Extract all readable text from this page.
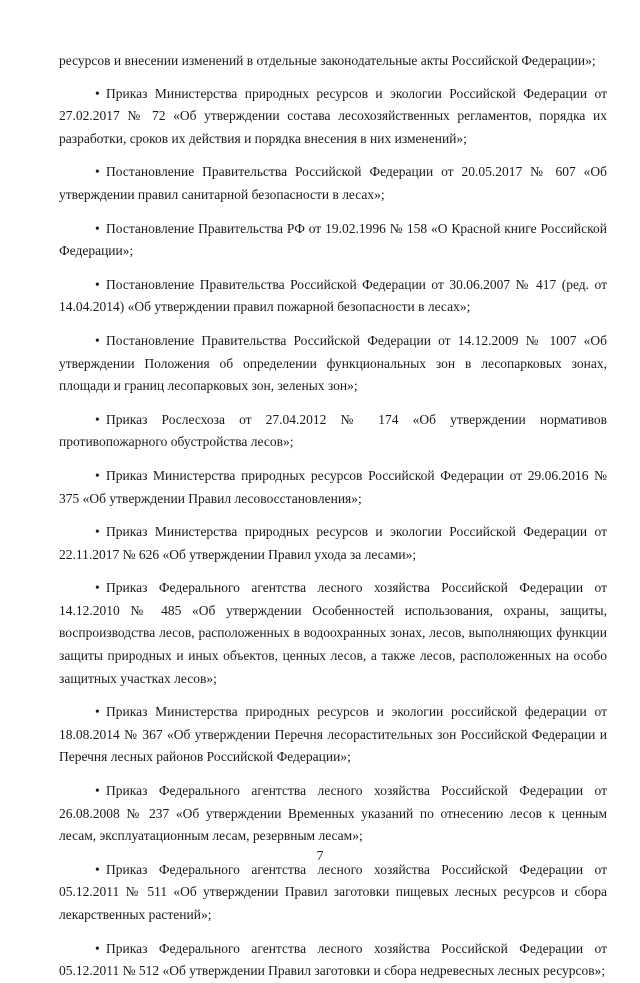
ресурсов и внесении изменений в отдельные законодательные акты Российской Федерации»;

• Приказ Министерства природных ресурсов и экологии Российской Федерации от 27.02.2017 № 72 «Об утверждении состава лесохозяйственных регламентов, порядка их разработки, сроков их действия и порядка внесения в них изменений»;

• Постановление Правительства Российской Федерации от 20.05.2017 № 607 «Об утверждении правил санитарной безопасности в лесах»;

• Постановление Правительства РФ от 19.02.1996 № 158 «О Красной книге Российской Федерации»;

• Постановление Правительства Российской Федерации от 30.06.2007 № 417 (ред. от 14.04.2014) «Об утверждении правил пожарной безопасности в лесах»;

• Постановление Правительства Российской Федерации от 14.12.2009 № 1007 «Об утверждении Положения об определении функциональных зон в лесопарковых зонах, площади и границ лесопарковых зон, зеленых зон»;

• Приказ Рослесхоза от 27.04.2012 № 174 «Об утверждении нормативов противопожарного обустройства лесов»;

• Приказ Министерства природных ресурсов Российской Федерации от 29.06.2016 № 375 «Об утверждении Правил лесовосстановления»;

• Приказ Министерства природных ресурсов и экологии Российской Федерации от 22.11.2017 № 626 «Об утверждении Правил ухода за лесами»;

• Приказ Федерального агентства лесного хозяйства Российской Федерации от 14.12.2010 № 485 «Об утверждении Особенностей использования, охраны, защиты, воспроизводства лесов, расположенных в водоохранных зонах, лесов, выполняющих функции защиты природных и иных объектов, ценных лесов, а также лесов, расположенных на особо защитных участках лесов»;

• Приказ Министерства природных ресурсов и экологии российской федерации от 18.08.2014 № 367 «Об утверждении Перечня лесорастительных зон Российской Федерации и Перечня лесных районов Российской Федерации»;

• Приказ Федерального агентства лесного хозяйства Российской Федерации от 26.08.2008 № 237 «Об утверждении Временных указаний по отнесению лесов к ценным лесам, эксплуатационным лесам, резервным лесам»;

• Приказ Федерального агентства лесного хозяйства Российской Федерации от 05.12.2011 № 511 «Об утверждении Правил заготовки пищевых лесных ресурсов и сбора лекарственных растений»;

• Приказ Федерального агентства лесного хозяйства Российской Федерации от 05.12.2011 № 512 «Об утверждении Правил заготовки и сбора недревесных лесных ресурсов»;

7
